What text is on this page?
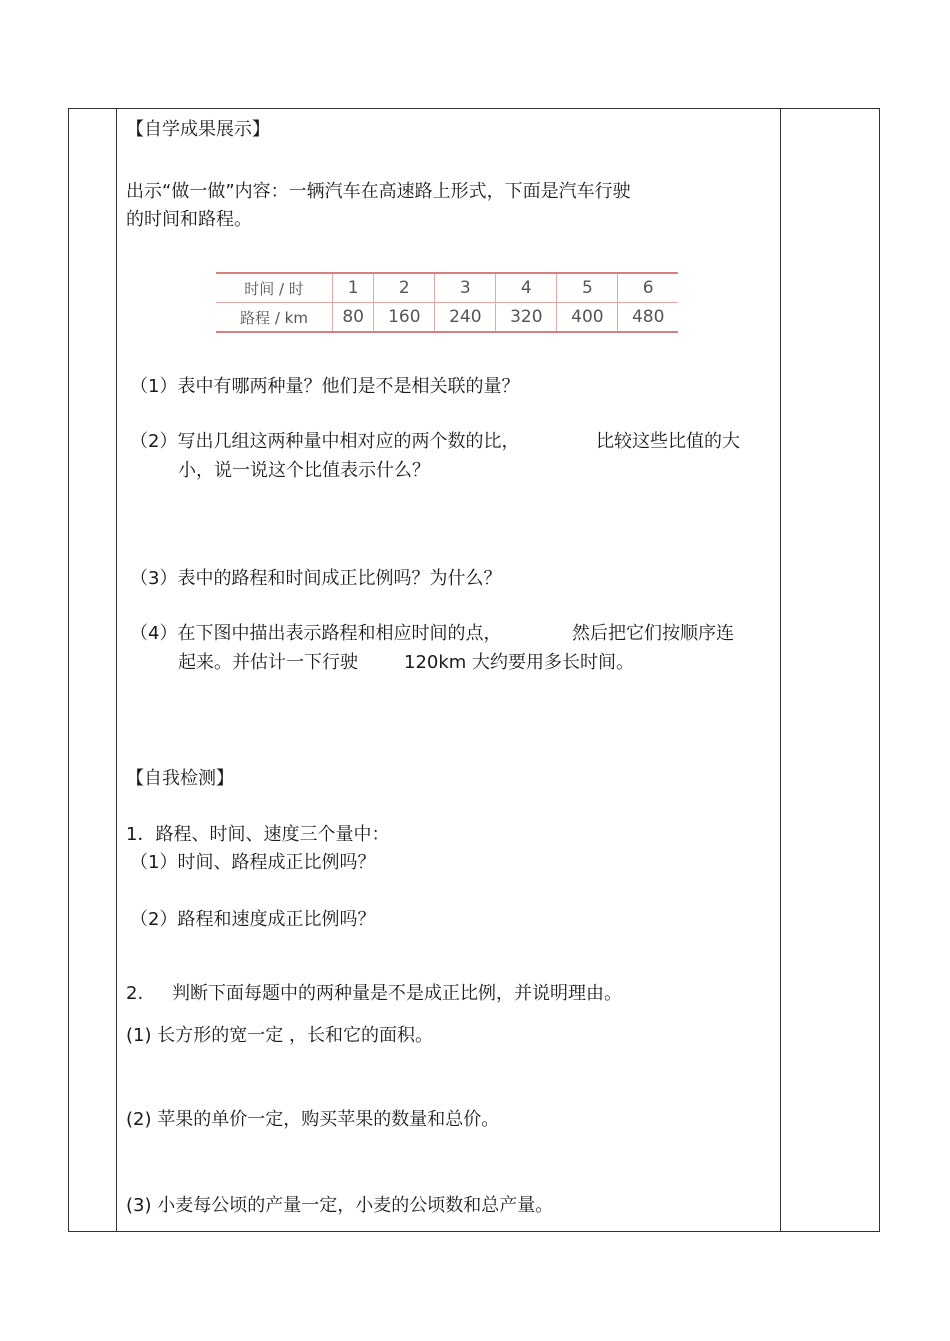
【自学成果展示】
出示“做一做”内容：一辆汽车在高速路上形式，下面是汽车行驶
的时间和路程。
时间 / 时	1	2	3	4	5	6
路程 / km	80	160	240	320	400	480
（1）表中有哪两种量？他们是不是相关联的量？
（2）写出几组这两种量中相对应的两个数的比，	比较这些比值的大
小，说一说这个比值表示什么？
（3）表中的路程和时间成正比例吗？为什么？
（4）在下图中描出表示路程和相应时间的点，	然后把它们按顺序连
起来。并估计一下行驶	120km 大约要用多长时间。
【自我检测】
1．路程、时间、速度三个量中：
（1）时间、路程成正比例吗？
（2）路程和速度成正比例吗？
2. 判断下面每题中的两种量是不是成正比例，并说明理由。
(1) 长方形的宽一定 ，长和它的面积。
(2) 苹果的单价一定，购买苹果的数量和总价。
(3) 小麦每公顷的产量一定，小麦的公顷数和总产量。
